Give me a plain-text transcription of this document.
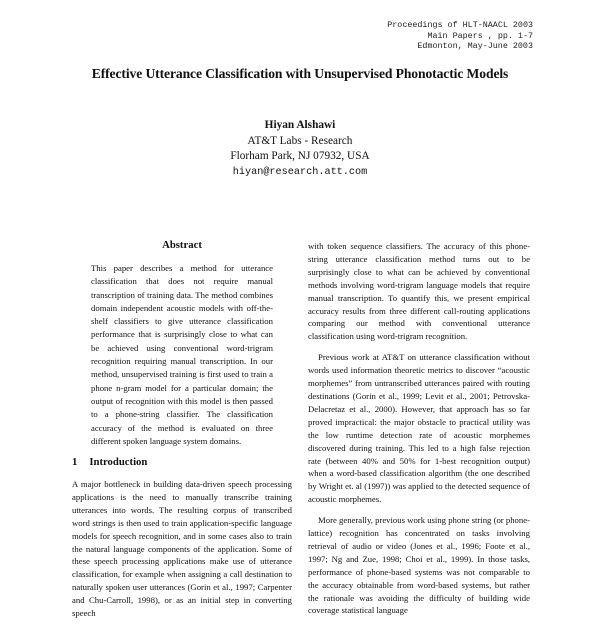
Proceedings of HLT-NAACL 2003
Main Papers , pp. 1-7
Edmonton, May-June 2003
Effective Utterance Classification with Unsupervised Phonotactic Models
Hiyan Alshawi
AT&T Labs - Research
Florham Park, NJ 07932, USA
hiyan@research.att.com
Abstract

This paper describes a method for utterance classification that does not require manual transcription of training data. The method combines domain independent acoustic models with off-the-shelf classifiers to give utterance classification performance that is surprisingly close to what can be achieved using conventional word-trigram recognition requiring manual transcription. In our method, unsupervised training is first used to train a phone n-gram model for a particular domain; the output of recognition with this model is then passed to a phone-string classifier. The classification accuracy of the method is evaluated on three different spoken language system domains.

1 Introduction

A major bottleneck in building data-driven speech processing applications is the need to manually transcribe training utterances into words. The resulting corpus of transcribed word strings is then used to train application-specific language models for speech recognition, and in some cases also to train the natural language components of the application. Some of these speech processing applications make use of utterance classification, for example when assigning a call destination to naturally spoken user utterances (Gorin et al., 1997; Carpenter and Chu-Carroll, 1998), or as an initial step in converting speech

with token sequence classifiers. The accuracy of this phone-string utterance classification method turns out to be surprisingly close to what can be achieved by conventional methods involving word-trigram language models that require manual transcription. To quantify this, we present empirical accuracy results from three different call-routing applications comparing our method with conventional utterance classification using word-trigram recognition.

Previous work at AT&T on utterance classification without words used information theoretic metrics to discover “acoustic morphemes” from untranscribed utterances paired with routing destinations (Gorin et al., 1999; Levit et al., 2001; Petrovska-Delacretaz et al., 2000). However, that approach has so far proved impractical: the major obstacle to practical utility was the low runtime detection rate of acoustic morphemes discovered during training. This led to a high false rejection rate (between 40% and 50% for 1-best recognition output) when a word-based classification algorithm (the one described by Wright et. al (1997)) was applied to the detected sequence of acoustic morphemes.

More generally, previous work using phone string (or phone-lattice) recognition has concentrated on tasks involving retrieval of audio or video (Jones et al., 1996; Foote et al., 1997; Ng and Zue, 1998; Choi et al., 1999). In those tasks, performance of phone-based systems was not comparable to the accuracy obtainable from word-based systems, but rather the rationale was avoiding the difficulty of building wide coverage statistical language
